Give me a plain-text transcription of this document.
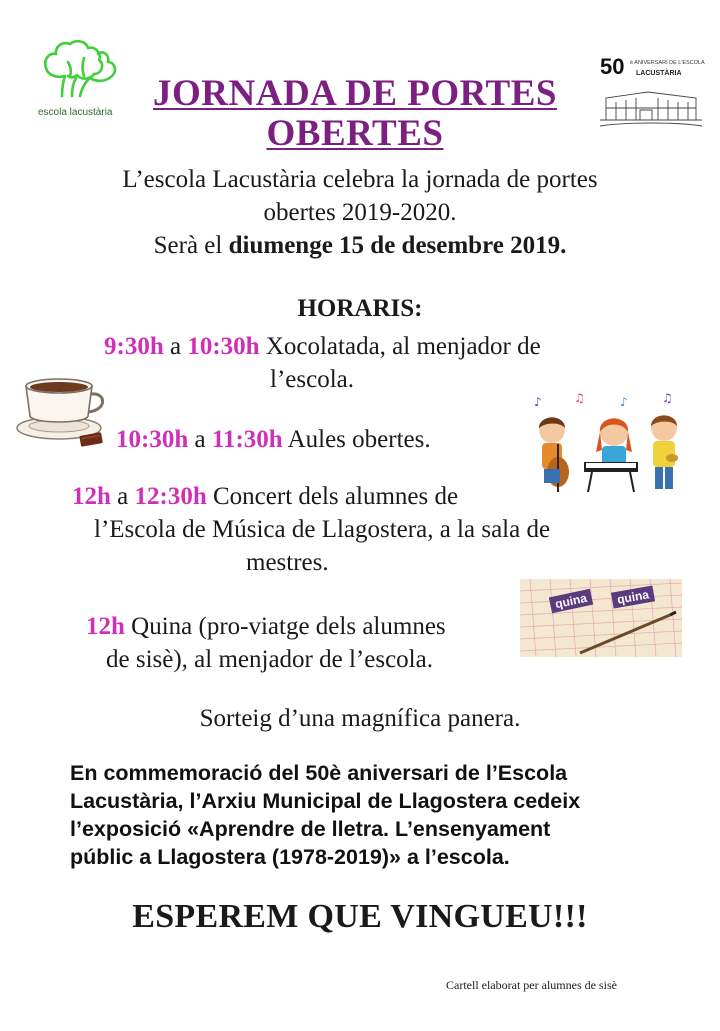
escola lacustària
50 è ANIVERSARI DE L'ESCOLA
LACUSTÀRIA
JORNADA DE PORTES
OBERTES
L’escola Lacustària celebra la jornada de portes
obertes 2019-2020.
Serà el diumenge 15 de desembre 2019.
HORARIS:
9:30h a 10:30h Xocolatada, al menjador de
l’escola.
10:30h a 11:30h Aules obertes.
♪	♫	♪	♫
12h a 12:30h Concert dels alumnes de
l’Escola de Música de Llagostera, a la sala de
mestres.
quina	quina
12h Quina (pro-viatge dels alumnes
de sisè), al menjador de l’escola.
Sorteig d’una magnífica panera.
En commemoració del 50è aniversari de l’Escola
Lacustària, l’Arxiu Municipal de Llagostera cedeix
l’exposició «Aprendre de lletra. L’ensenyament
públic a Llagostera (1978-2019)» a l’escola.
ESPEREM QUE VINGUEU!!!
Cartell elaborat per alumnes de sisè
